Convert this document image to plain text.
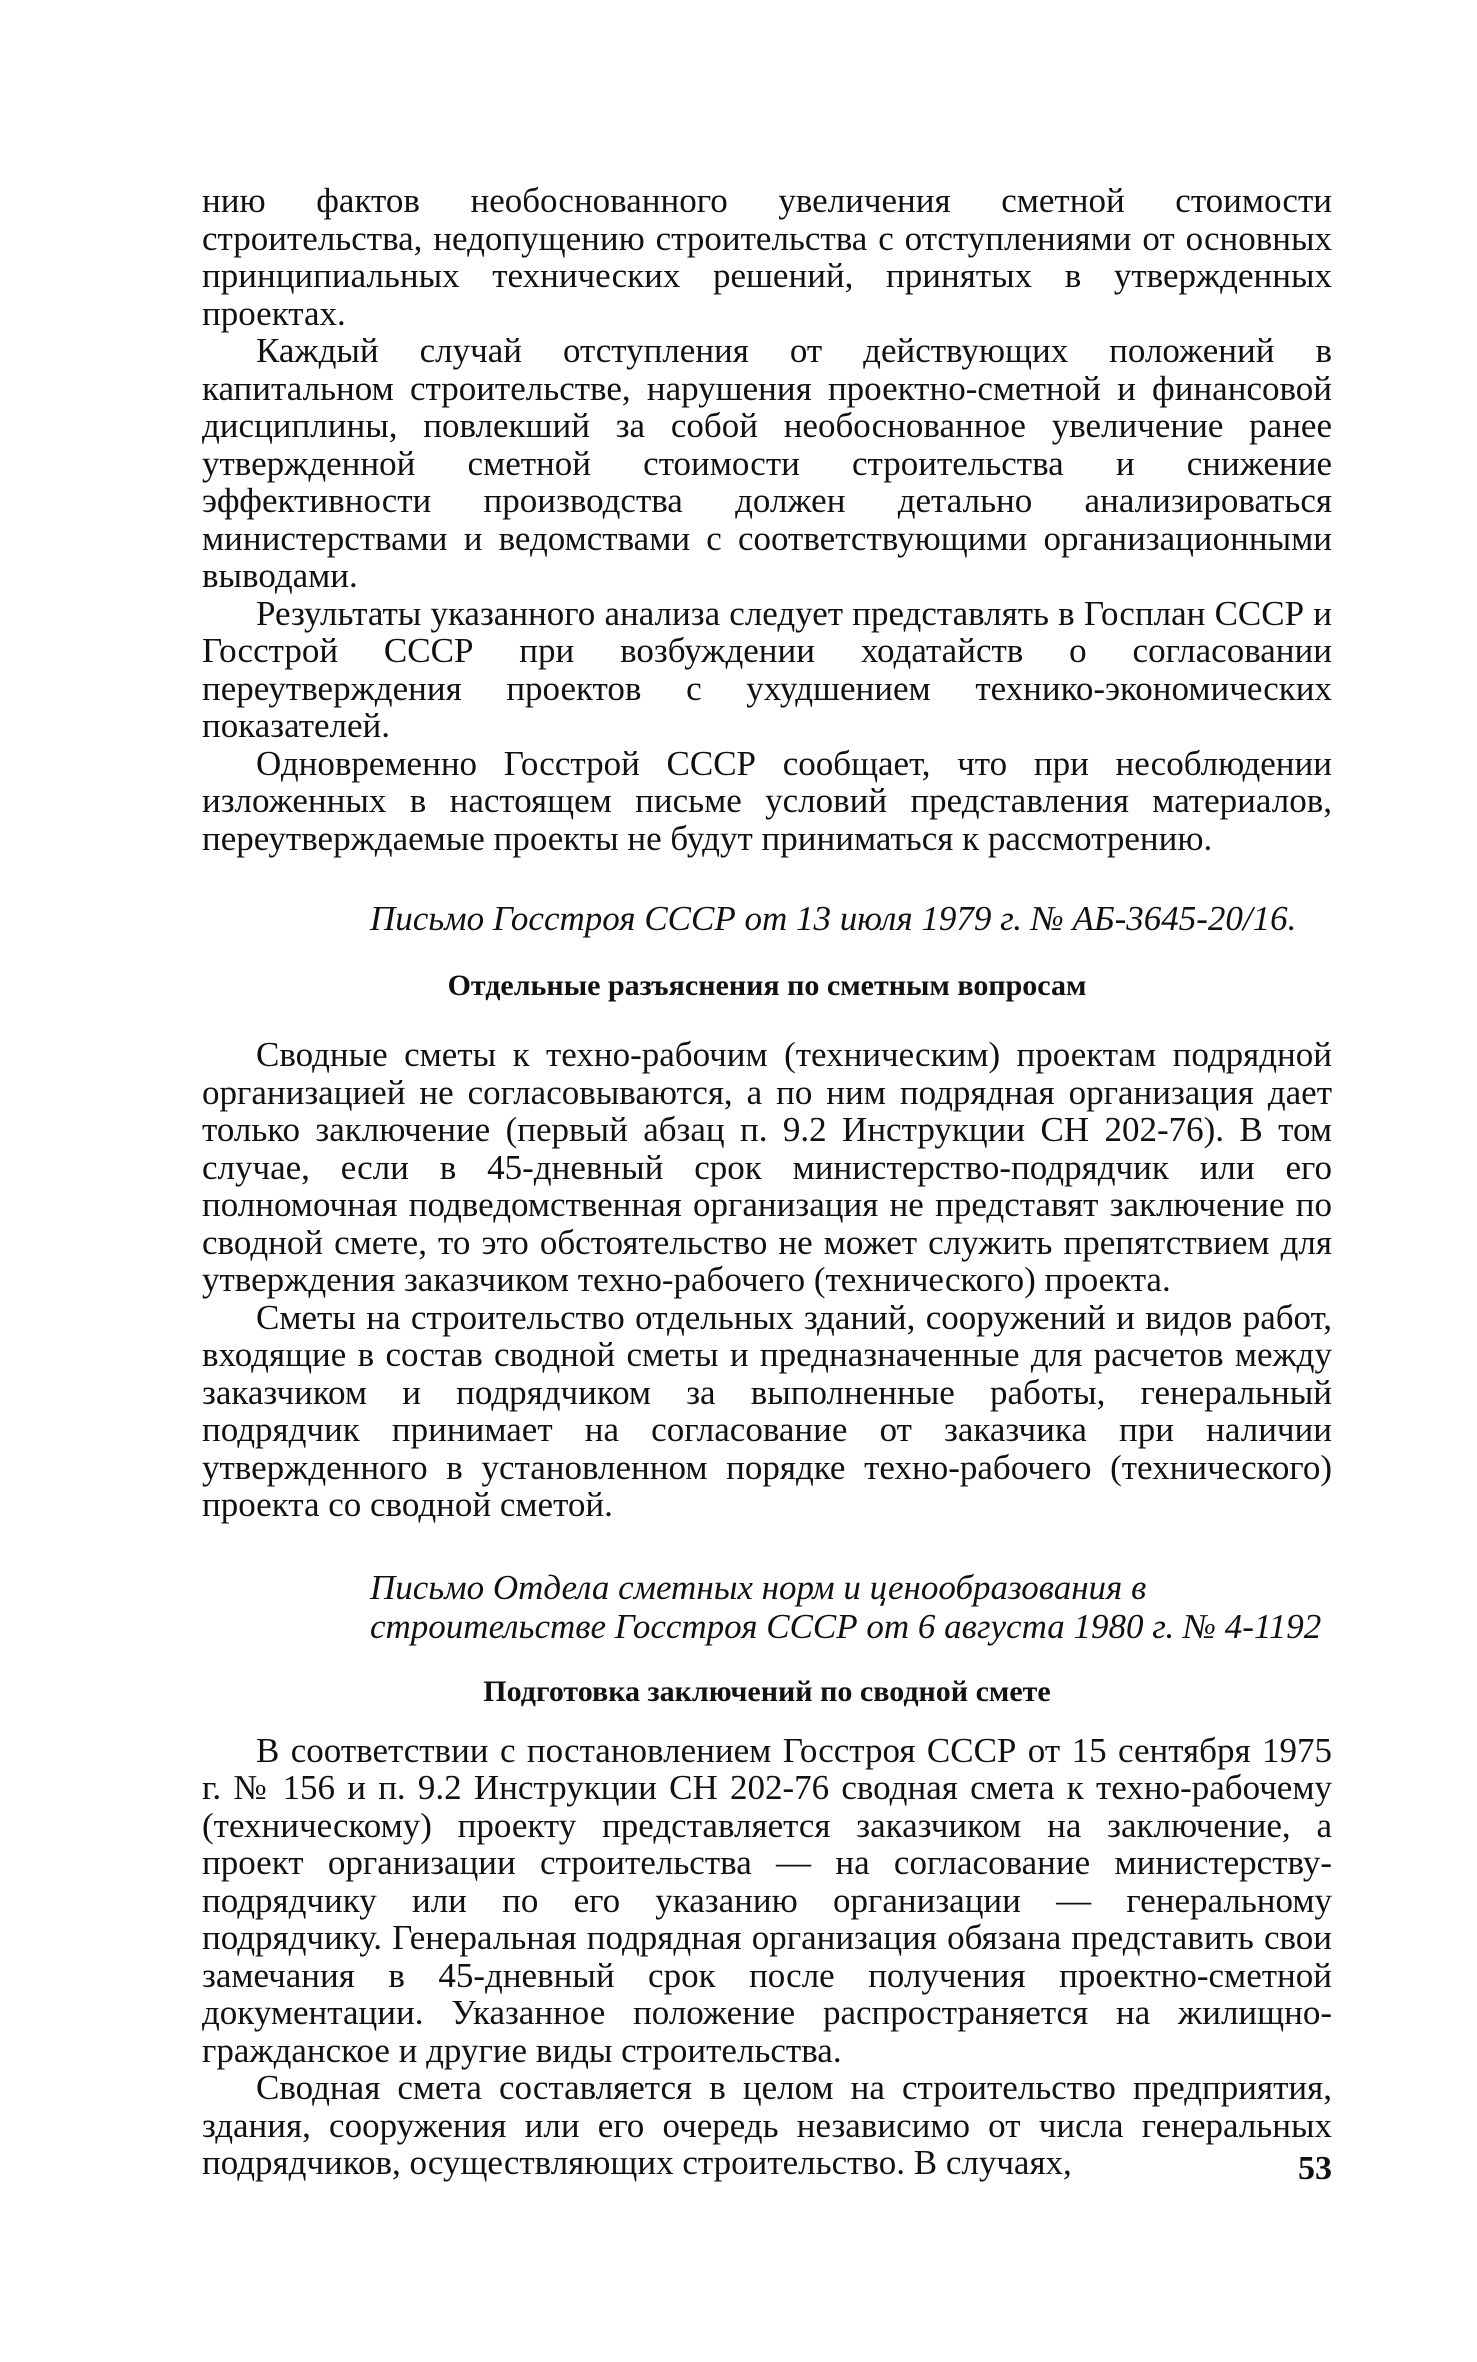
нию фактов необоснованного увеличения сметной стоимости строительства, недопущению строительства с отступлениями от основных принципиальных технических решений, принятых в утвержденных проектах.

Каждый случай отступления от действующих положений в капитальном строительстве, нарушения проектно-сметной и финансовой дисциплины, повлекший за собой необоснованное увеличение ранее утвержденной сметной стоимости строительства и снижение эффективности производства должен детально анализироваться министерствами и ведомствами с соответствующими организационными выводами.

Результаты указанного анализа следует представлять в Госплан СССР и Госстрой СССР при возбуждении ходатайств о согласовании переутверждения проектов с ухудшением технико-экономических показателей.

Одновременно Госстрой СССР сообщает, что при несоблюдении изложенных в настоящем письме условий представления материалов, переутверждаемые проекты не будут приниматься к рассмотрению.

Письмо Госстроя СССР от 13 июля 1979 г. № АБ-3645-20/16.

Отдельные разъяснения по сметным вопросам

Сводные сметы к техно-рабочим (техническим) проектам подрядной организацией не согласовываются, а по ним подрядная организация дает только заключение (первый абзац п. 9.2 Инструкции СН 202-76). В том случае, если в 45-дневный срок министерство-подрядчик или его полномочная подведомственная организация не представят заключение по сводной смете, то это обстоятельство не может служить препятствием для утверждения заказчиком техно-рабочего (технического) проекта.

Сметы на строительство отдельных зданий, сооружений и видов работ, входящие в состав сводной сметы и предназначенные для расчетов между заказчиком и подрядчиком за выполненные работы, генеральный подрядчик принимает на согласование от заказчика при наличии утвержденного в установленном порядке техно-рабочего (технического) проекта со сводной сметой.

Письмо Отдела сметных норм и ценообразования в строительстве Госстроя СССР от 6 августа 1980 г. № 4-1192

Подготовка заключений по сводной смете

В соответствии с постановлением Госстроя СССР от 15 сентября 1975 г. № 156 и п. 9.2 Инструкции СН 202-76 сводная смета к техно-рабочему (техническому) проекту представляется заказчиком на заключение, а проект организации строительства — на согласование министерству-подрядчику или по его указанию организации — генеральному подрядчику. Генеральная подрядная организация обязана представить свои замечания в 45-дневный срок после получения проектно-сметной документации. Указанное положение распространяется на жилищно-гражданское и другие виды строительства.

Сводная смета составляется в целом на строительство предприятия, здания, сооружения или его очередь независимо от числа генеральных подрядчиков, осуществляющих строительство. В случаях,	53
